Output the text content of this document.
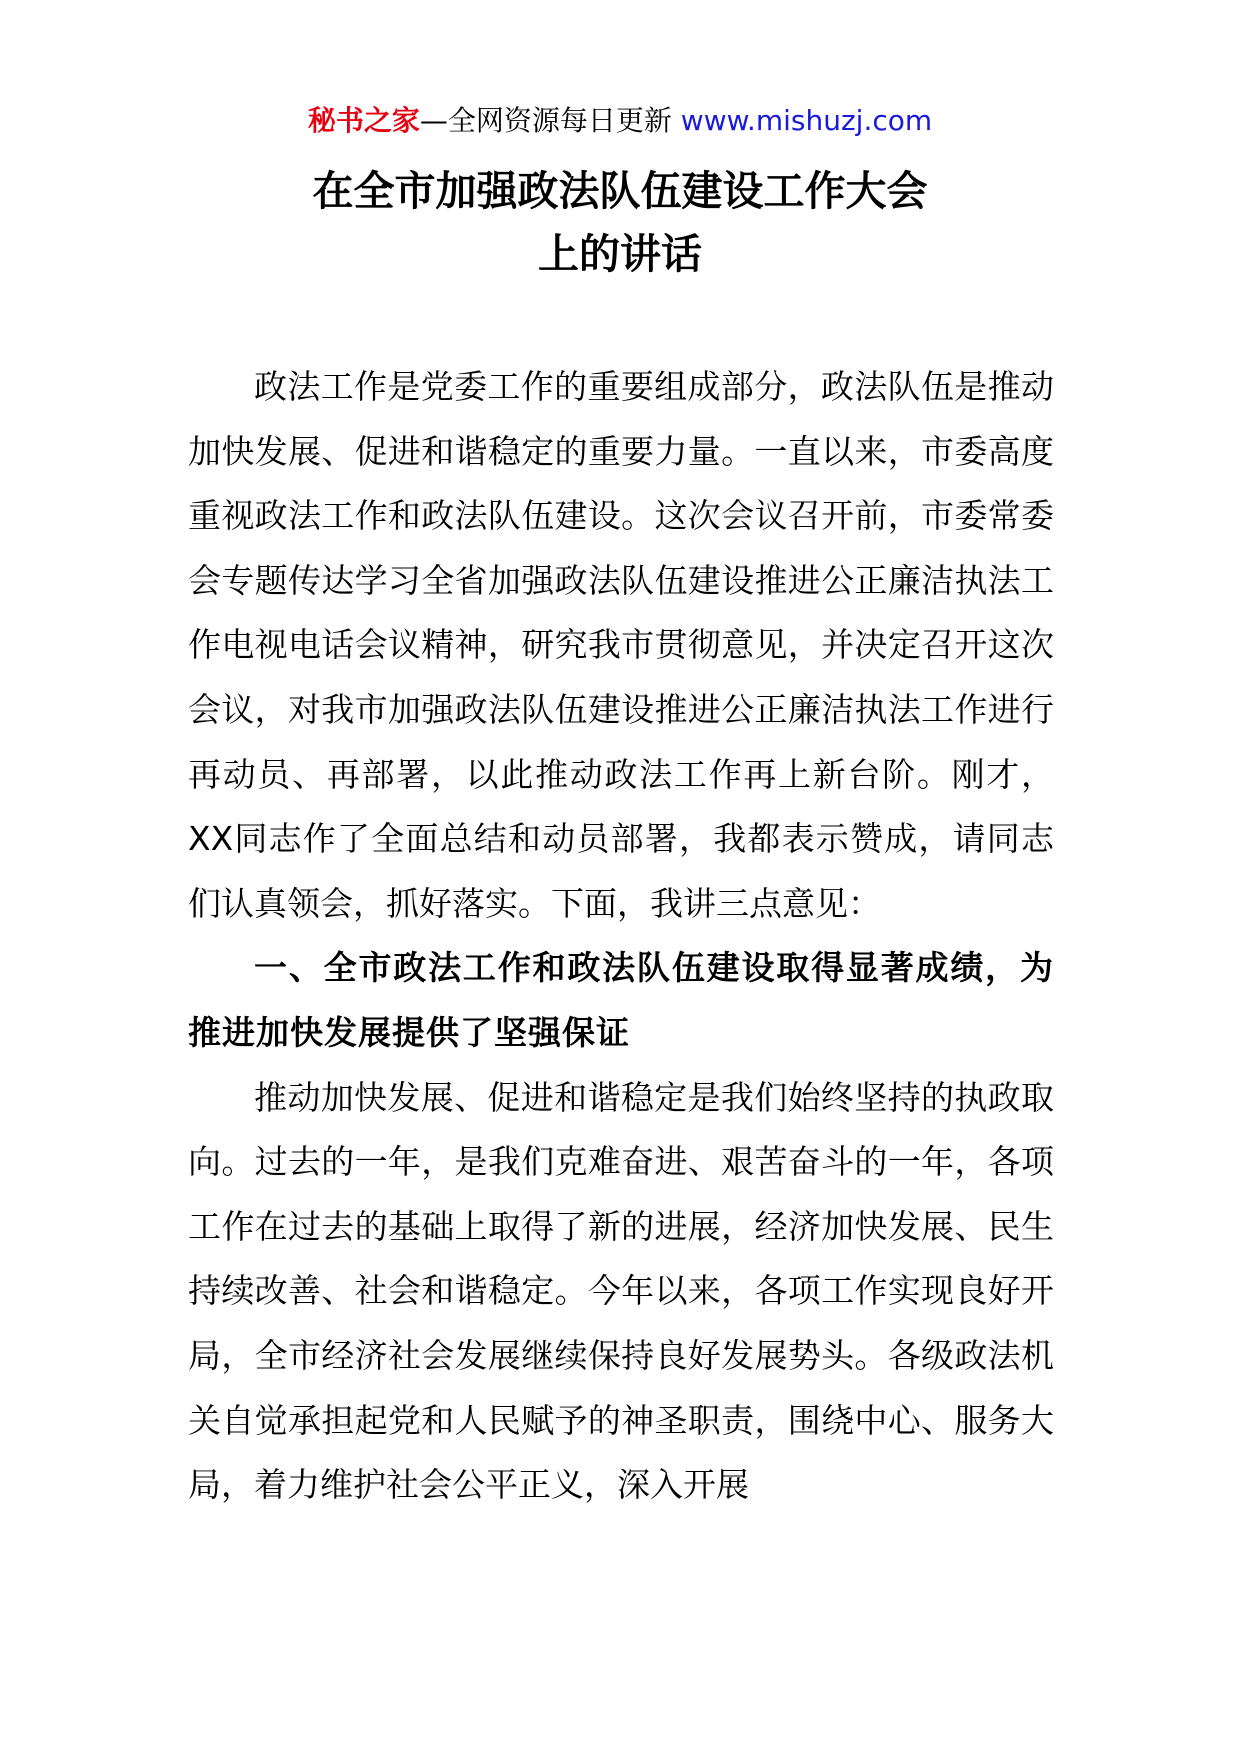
秘书之家—全网资源每日更新 www.mishuzj.com
在全市加强政法队伍建设工作大会
上的讲话

政法工作是党委工作的重要组成部分，政法队伍是推动加快发展、促进和谐稳定的重要力量。一直以来，市委高度重视政法工作和政法队伍建设。这次会议召开前，市委常委会专题传达学习全省加强政法队伍建设推进公正廉洁执法工作电视电话会议精神，研究我市贯彻意见，并决定召开这次会议，对我市加强政法队伍建设推进公正廉洁执法工作进行再动员、再部署，以此推动政法工作再上新台阶。刚才，XX同志作了全面总结和动员部署，我都表示赞成，请同志们认真领会，抓好落实。下面，我讲三点意见：

一、全市政法工作和政法队伍建设取得显著成绩，为推进加快发展提供了坚强保证

推动加快发展、促进和谐稳定是我们始终坚持的执政取向。过去的一年，是我们克难奋进、艰苦奋斗的一年，各项工作在过去的基础上取得了新的进展，经济加快发展、民生持续改善、社会和谐稳定。今年以来，各项工作实现良好开局，全市经济社会发展继续保持良好发展势头。各级政法机关自觉承担起党和人民赋予的神圣职责，围绕中心、服务大局，着力维护社会公平正义，深入开展
